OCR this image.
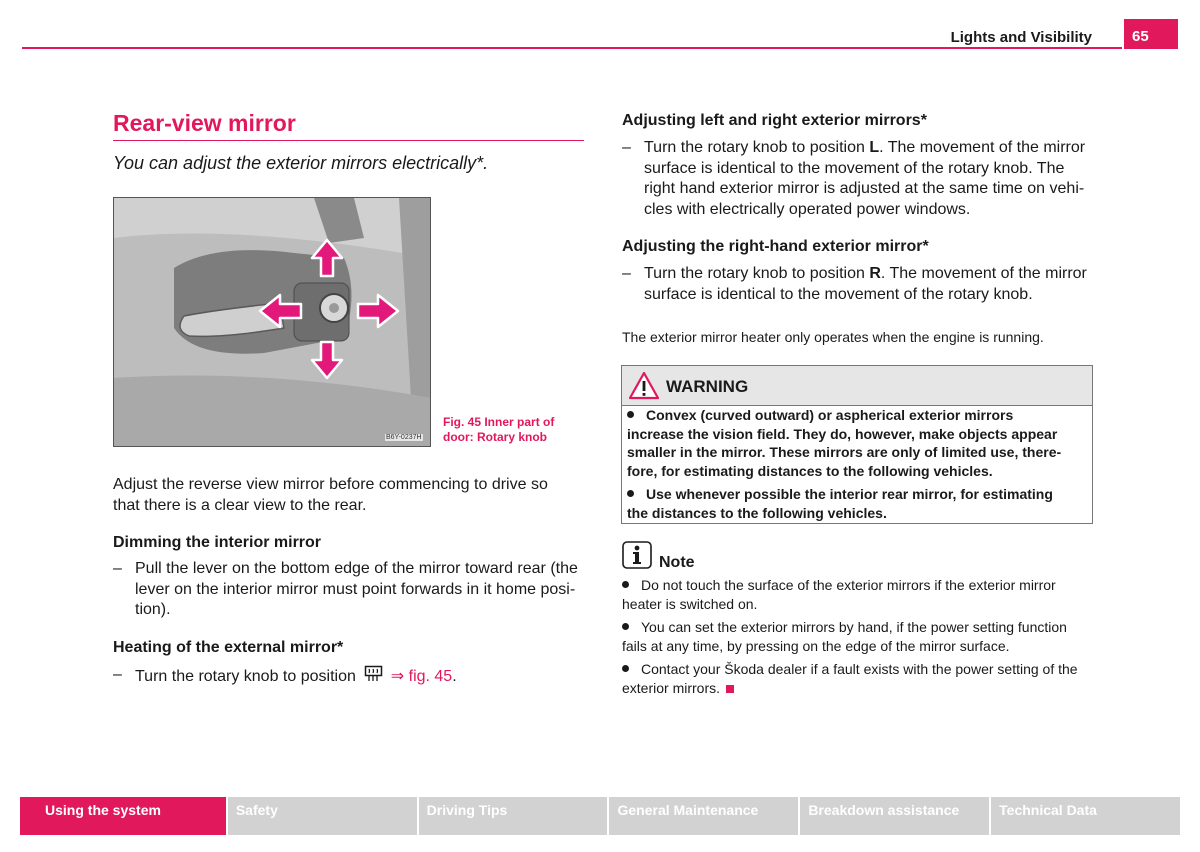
Lights and Visibility	65
Rear-view mirror
You can adjust the exterior mirrors electrically*.
B6Y-0237H
Fig. 45 Inner part of
door: Rotary knob
Adjust the reverse view mirror before commencing to drive so
that there is a clear view to the rear.
Dimming the interior mirror
– Pull the lever on the bottom edge of the mirror toward rear (the
lever on the interior mirror must point forwards in it home posi-
tion).
Heating of the external mirror*
– Turn the rotary knob to position ⇒ fig. 45.
Adjusting left and right exterior mirrors*
– Turn the rotary knob to position L. The movement of the mirror
surface is identical to the movement of the rotary knob. The
right hand exterior mirror is adjusted at the same time on vehi-
cles with electrically operated power windows.
Adjusting the right-hand exterior mirror*
– Turn the rotary knob to position R. The movement of the mirror
surface is identical to the movement of the rotary knob.
The exterior mirror heater only operates when the engine is running.
WARNING
Convex (curved outward) or aspherical exterior mirrors
increase the vision field. They do, however, make objects appear
smaller in the mirror. These mirrors are only of limited use, there-
fore, for estimating distances to the following vehicles.
Use whenever possible the interior rear mirror, for estimating
the distances to the following vehicles.
Note
Do not touch the surface of the exterior mirrors if the exterior mirror
heater is switched on.
You can set the exterior mirrors by hand, if the power setting function
fails at any time, by pressing on the edge of the mirror surface.
Contact your Škoda dealer if a fault exists with the power setting of the
exterior mirrors.
Using the system	Safety	Driving Tips	General Maintenance	Breakdown assistance	Technical Data
